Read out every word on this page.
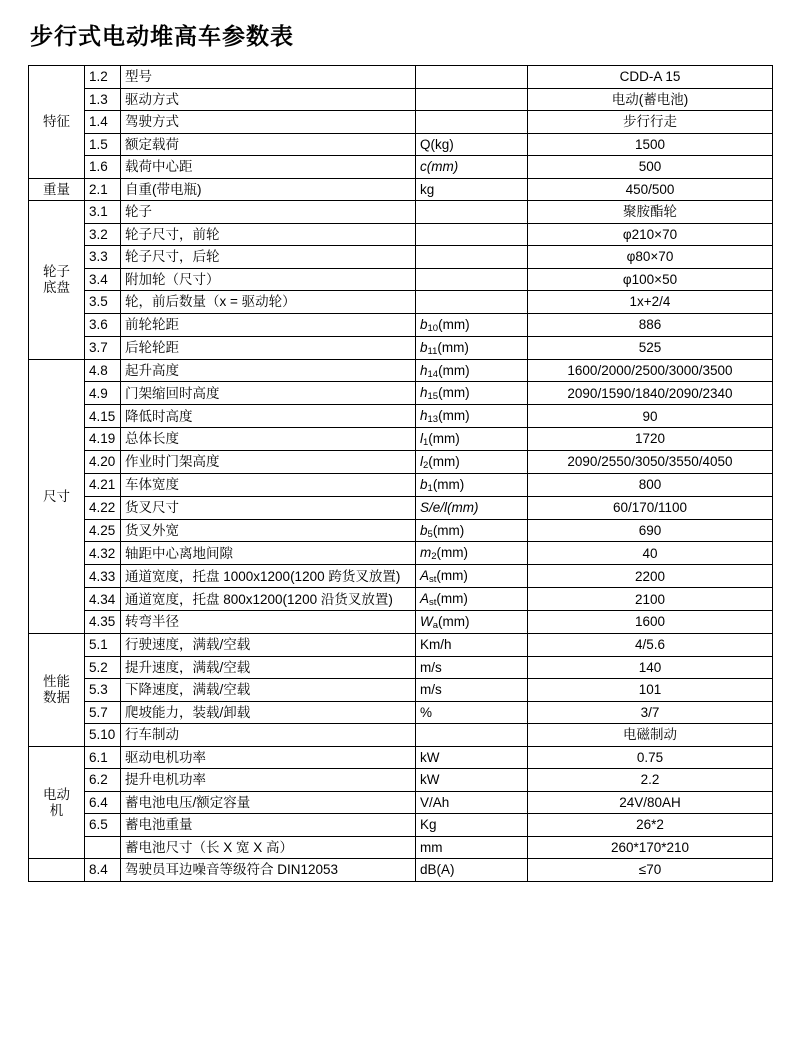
步行式电动堆高车参数表
特征	1.2	型号		CDD-A 15
	1.3	驱动方式		电动(蓄电池)
	1.4	驾驶方式		步行行走
	1.5	额定载荷	Q(kg)	1500
	1.6	载荷中心距	c(mm)	500
重量	2.1	自重(带电瓶)	kg	450/500

轮子
底盘	3.1	轮子		聚胺酯轮
	3.2	轮子尺寸，前轮		φ210×70
	3.3	轮子尺寸，后轮		φ80×70
	3.4	附加轮（尺寸）		φ100×50
	3.5	轮，前后数量（x = 驱动轮）		1x+2/4
	3.6	前轮轮距	b10(mm)	886
	3.7	后轮轮距	b11(mm)	525
尺寸	4.8	起升高度	h14(mm)	1600/2000/2500/3000/3500
	4.9	门架缩回时高度	h15(mm)	2090/1590/1840/2090/2340
	4.15	降低时高度	h13(mm)	90
	4.19	总体长度	l1(mm)	1720
	4.20	作业时门架高度	l2(mm)	2090/2550/3050/3550/4050
	4.21	车体宽度	b1(mm)	800
	4.22	货叉尺寸	S/e/l(mm)	60/170/1100
	4.25	货叉外宽	b5(mm)	690
	4.32	轴距中心离地间隙	m2(mm)	40
	4.33	通道宽度，托盘 1000x1200(1200 跨货叉放置)	Ast(mm)	2200
	4.34	通道宽度，托盘 800x1200(1200 沿货叉放置)	Ast(mm)	2100
	4.35	转弯半径	Wa(mm)	1600

性能
数据	5.1	行驶速度，满载/空载	Km/h	4/5.6
	5.2	提升速度，满载/空载	m/s	140
	5.3	下降速度，满载/空载	m/s	101
	5.7	爬坡能力，装载/卸载	%	3/7
	5.10	行车制动		电磁制动

电动
机	6.1	驱动电机功率	kW	0.75
	6.2	提升电机功率	kW	2.2
	6.4	蓄电池电压/额定容量	V/Ah	24V/80AH
	6.5	蓄电池重量	Kg	26*2
		蓄电池尺寸（长 X 宽 X 高）	mm	260*170*210
	8.4	驾驶员耳边噪音等级符合 DIN12053	dB(A)	≤70
